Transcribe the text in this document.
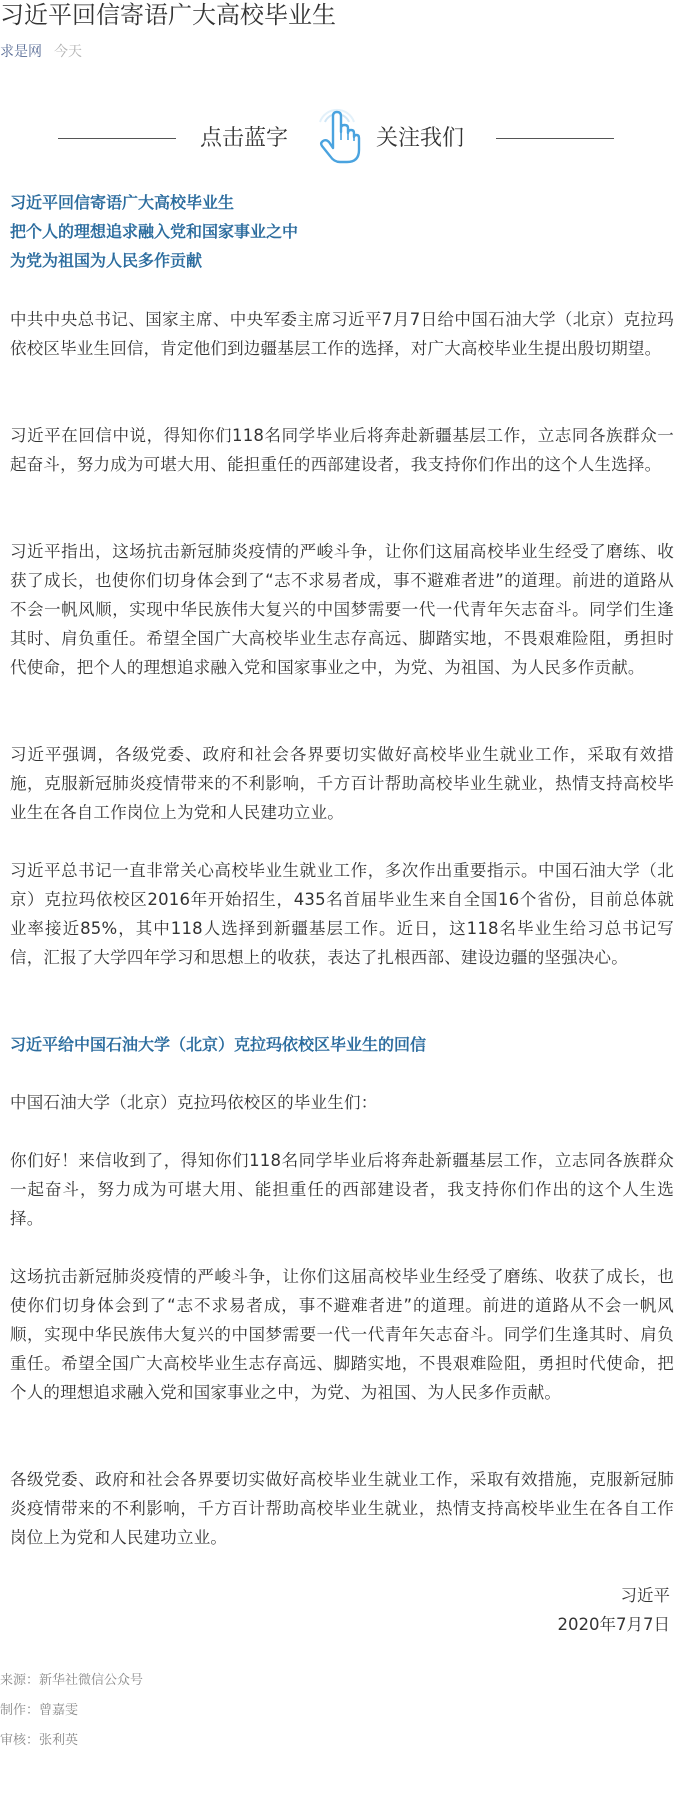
习近平回信寄语广大高校毕业生
求是网 今天
点击蓝字	关注我们
习近平回信寄语广大高校毕业生
把个人的理想追求融入党和国家事业之中
为党为祖国为人民多作贡献
中共中央总书记、国家主席、中央军委主席习近平7月7日给中国石油大学（北京）克拉玛依校区毕业生回信，肯定他们到边疆基层工作的选择，对广大高校毕业生提出殷切期望。
习近平在回信中说，得知你们118名同学毕业后将奔赴新疆基层工作，立志同各族群众一起奋斗，努力成为可堪大用、能担重任的西部建设者，我支持你们作出的这个人生选择。
习近平指出，这场抗击新冠肺炎疫情的严峻斗争，让你们这届高校毕业生经受了磨练、收获了成长，也使你们切身体会到了“志不求易者成，事不避难者进”的道理。前进的道路从不会一帆风顺，实现中华民族伟大复兴的中国梦需要一代一代青年矢志奋斗。同学们生逢其时、肩负重任。希望全国广大高校毕业生志存高远、脚踏实地，不畏艰难险阻，勇担时代使命，把个人的理想追求融入党和国家事业之中，为党、为祖国、为人民多作贡献。
习近平强调，各级党委、政府和社会各界要切实做好高校毕业生就业工作，采取有效措施，克服新冠肺炎疫情带来的不利影响，千方百计帮助高校毕业生就业，热情支持高校毕业生在各自工作岗位上为党和人民建功立业。
习近平总书记一直非常关心高校毕业生就业工作，多次作出重要指示。中国石油大学（北京）克拉玛依校区2016年开始招生，435名首届毕业生来自全国16个省份，目前总体就业率接近85%，其中118人选择到新疆基层工作。近日，这118名毕业生给习总书记写信，汇报了大学四年学习和思想上的收获，表达了扎根西部、建设边疆的坚强决心。
习近平给中国石油大学（北京）克拉玛依校区毕业生的回信
中国石油大学（北京）克拉玛依校区的毕业生们：
你们好！来信收到了，得知你们118名同学毕业后将奔赴新疆基层工作，立志同各族群众一起奋斗，努力成为可堪大用、能担重任的西部建设者，我支持你们作出的这个人生选择。
这场抗击新冠肺炎疫情的严峻斗争，让你们这届高校毕业生经受了磨练、收获了成长，也使你们切身体会到了“志不求易者成，事不避难者进”的道理。前进的道路从不会一帆风顺，实现中华民族伟大复兴的中国梦需要一代一代青年矢志奋斗。同学们生逢其时、肩负重任。希望全国广大高校毕业生志存高远、脚踏实地，不畏艰难险阻，勇担时代使命，把个人的理想追求融入党和国家事业之中，为党、为祖国、为人民多作贡献。
各级党委、政府和社会各界要切实做好高校毕业生就业工作，采取有效措施，克服新冠肺炎疫情带来的不利影响，千方百计帮助高校毕业生就业，热情支持高校毕业生在各自工作岗位上为党和人民建功立业。
习近平
2020年7月7日
来源：新华社微信公众号
制作：曾嘉雯
审核：张利英
